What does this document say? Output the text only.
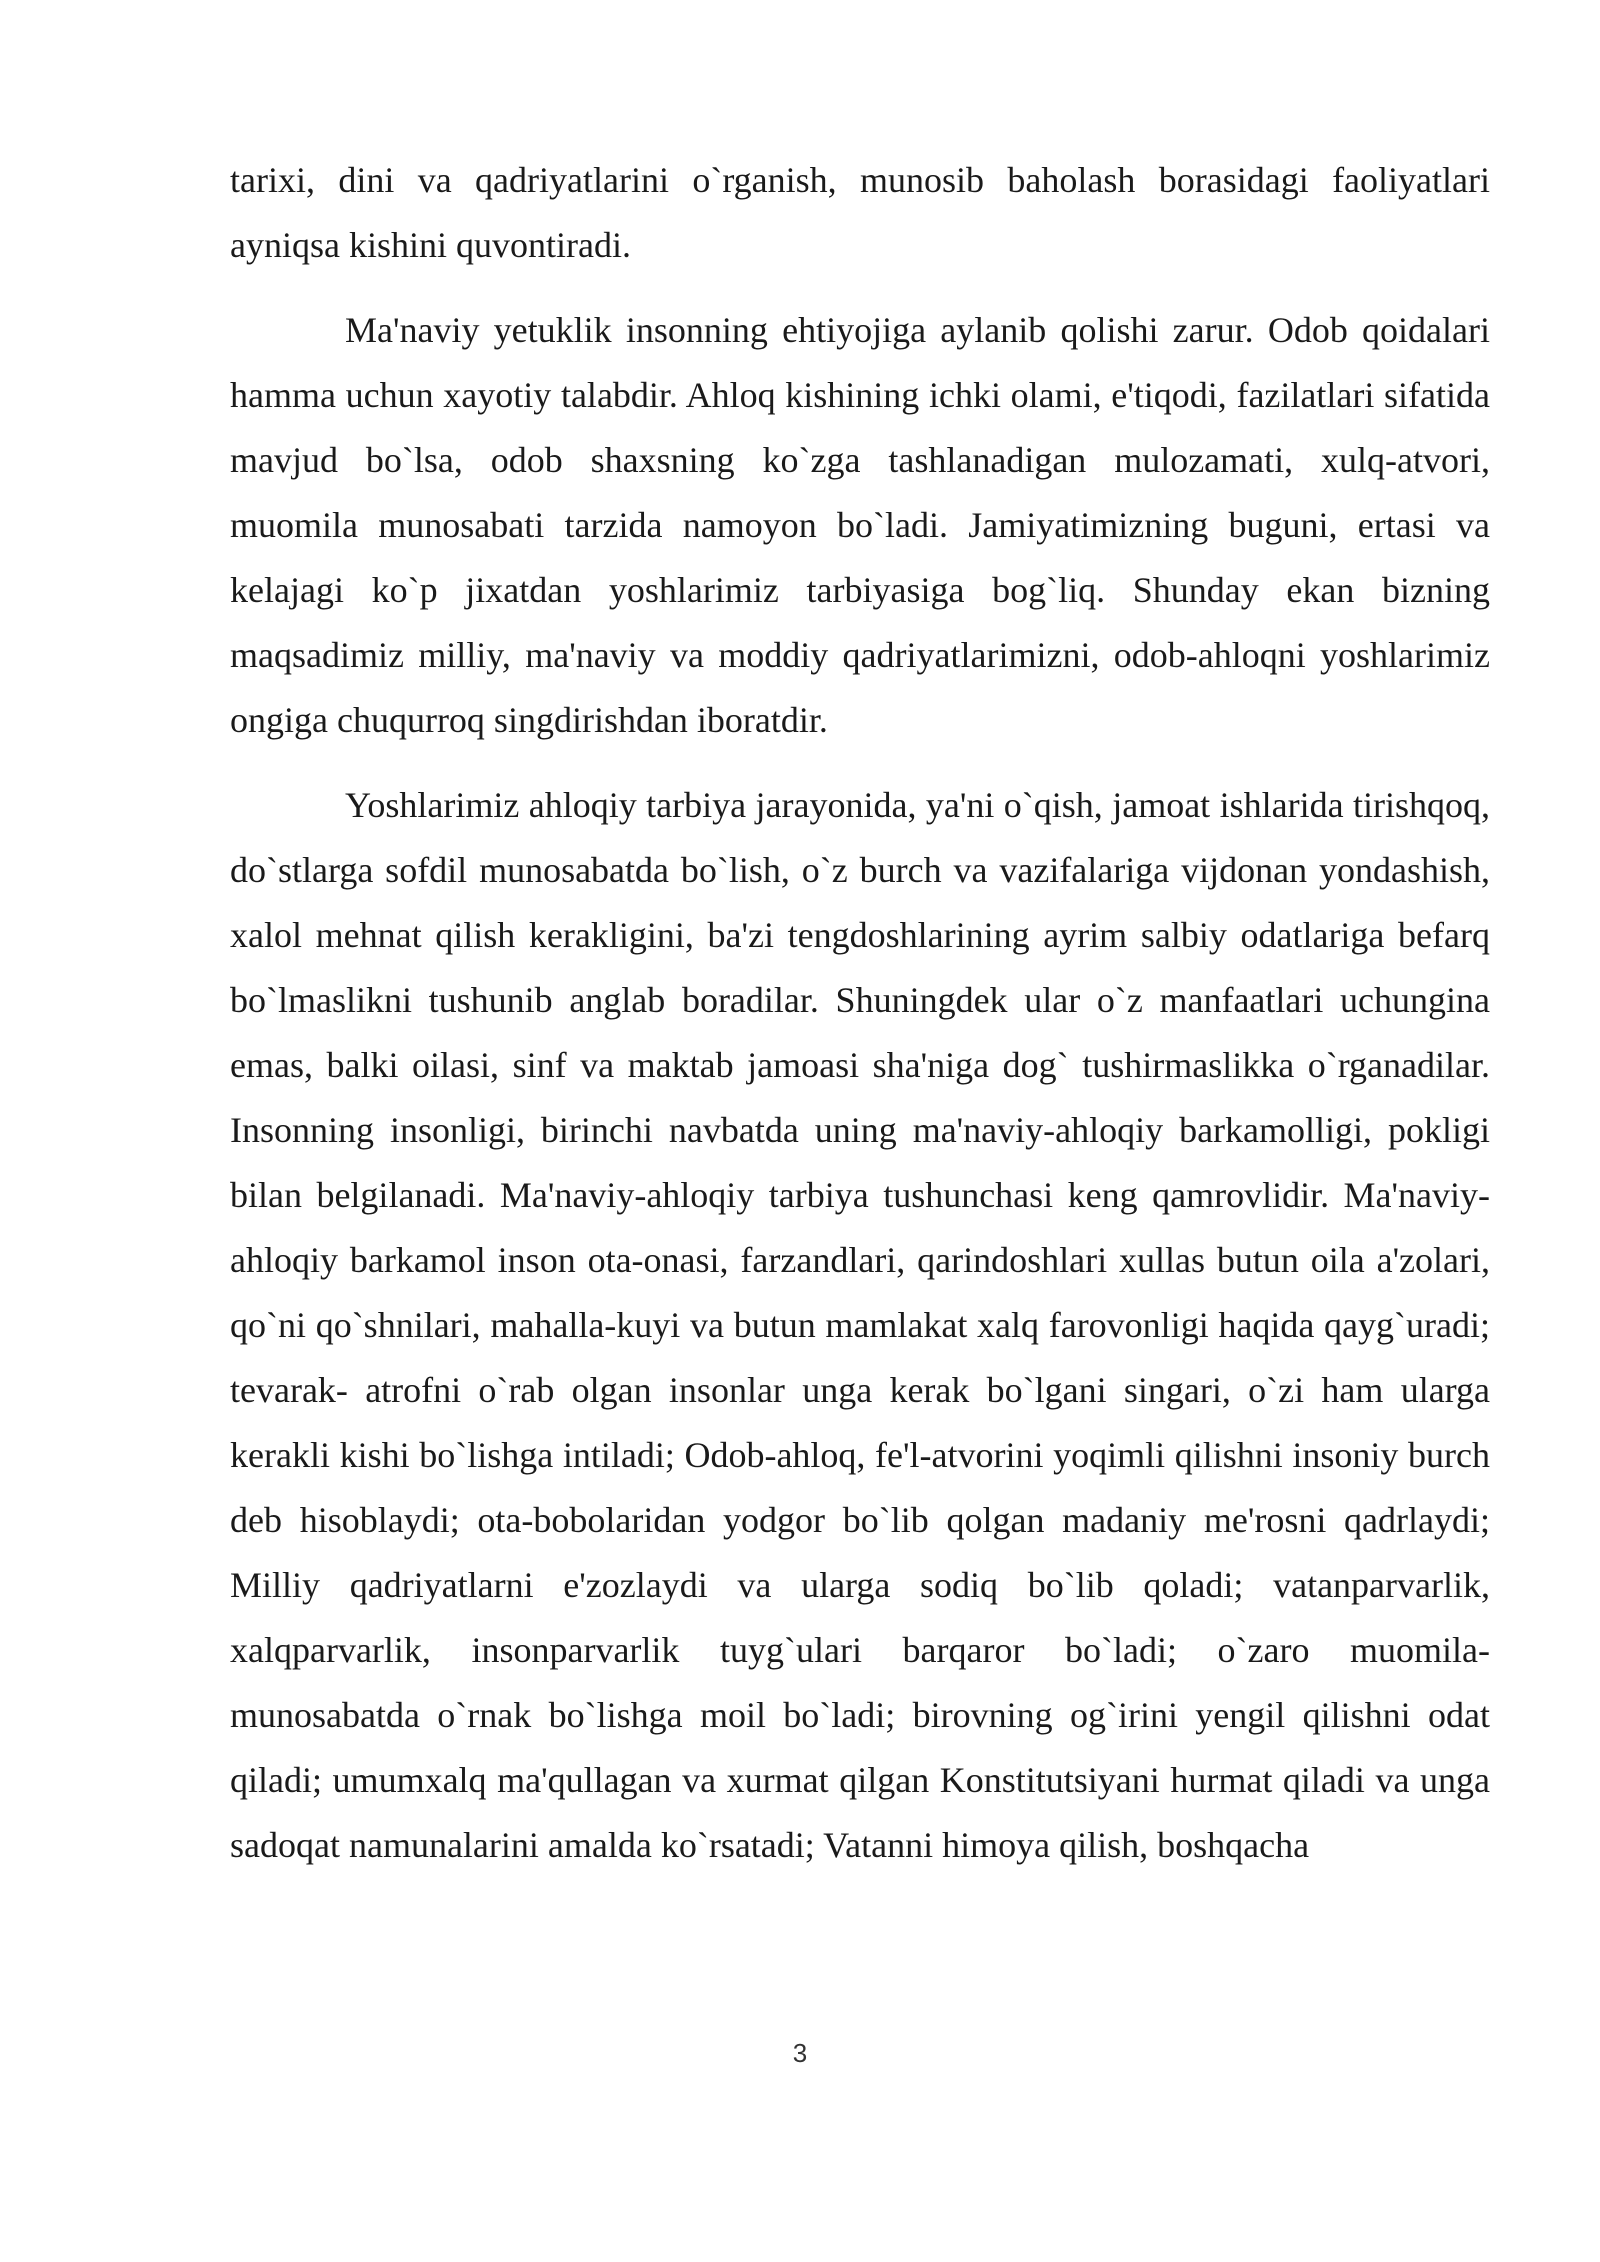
tarixi, dini va qadriyatlarini o`rganish, munosib baholash borasidagi faoliyatlari ayniqsa kishini quvontiradi.

Ma'naviy yetuklik insonning ehtiyojiga aylanib qolishi zarur. Odob qoidalari hamma uchun xayotiy talabdir. Ahloq kishining ichki olami, e'tiqodi, fazilatlari sifatida mavjud bo`lsa, odob shaxsning ko`zga tashlanadigan mulozamati, xulq-atvori, muomila munosabati tarzida namoyon bo`ladi. Jamiyatimizning buguni, ertasi va kelajagi ko`p jixatdan yoshlarimiz tarbiyasiga bog`liq. Shunday ekan bizning maqsadimiz milliy, ma'naviy va moddiy qadriyatlarimizni, odob-ahloqni yoshlarimiz ongiga chuqurroq singdirishdan iboratdir.

Yoshlarimiz ahloqiy tarbiya jarayonida, ya'ni o`qish, jamoat ishlarida tirishqoq, do`stlarga sofdil munosabatda bo`lish, o`z burch va vazifalariga vijdonan yondashish, xalol mehnat qilish kerakligini, ba'zi tengdoshlarining ayrim salbiy odatlariga befarq bo`lmaslikni tushunib anglab boradilar. Shuningdek ular o`z manfaatlari uchungina emas, balki oilasi, sinf va maktab jamoasi sha'niga dog` tushirmaslikka o`rganadilar. Insonning insonligi, birinchi navbatda uning ma'naviy-ahloqiy barkamolligi, pokligi bilan belgilanadi. Ma'naviy-ahloqiy tarbiya tushunchasi keng qamrovlidir. Ma'naviy-ahloqiy barkamol inson ota-onasi, farzandlari, qarindoshlari xullas butun oila a'zolari, qo`ni qo`shnilari, mahalla-kuyi va butun mamlakat xalq farovonligi haqida qayg`uradi; tevarak- atrofni o`rab olgan insonlar unga kerak bo`lgani singari, o`zi ham ularga kerakli kishi bo`lishga intiladi; Odob-ahloq, fe'l-atvorini yoqimli qilishni insoniy burch deb hisoblaydi; ota-bobolaridan yodgor bo`lib qolgan madaniy me'rosni qadrlaydi; Milliy qadriyatlarni e'zozlaydi va ularga sodiq bo`lib qoladi; vatanparvarlik, xalqparvarlik, insonparvarlik tuyg`ulari barqaror bo`ladi; o`zaro muomila-munosabatda o`rnak bo`lishga moil bo`ladi; birovning og`irini yengil qilishni odat qiladi; umumxalq ma'qullagan va xurmat qilgan Konstitutsiyani hurmat qiladi va unga sadoqat namunalarini amalda ko`rsatadi; Vatanni himoya qilish, boshqacha

3
